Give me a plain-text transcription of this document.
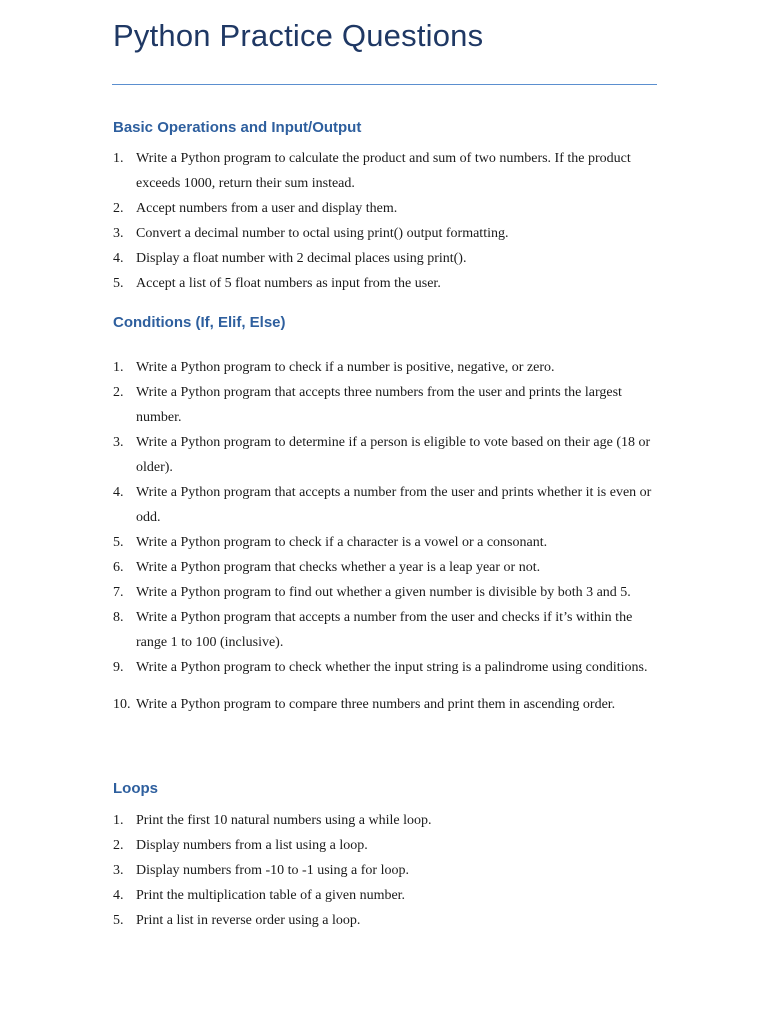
Python Practice Questions
Basic Operations and Input/Output
1. Write a Python program to calculate the product and sum of two numbers. If the product exceeds 1000, return their sum instead.
2. Accept numbers from a user and display them.
3. Convert a decimal number to octal using print() output formatting.
4. Display a float number with 2 decimal places using print().
5. Accept a list of 5 float numbers as input from the user.
Conditions (If, Elif, Else)
1. Write a Python program to check if a number is positive, negative, or zero.
2. Write a Python program that accepts three numbers from the user and prints the largest number.
3. Write a Python program to determine if a person is eligible to vote based on their age (18 or older).
4. Write a Python program that accepts a number from the user and prints whether it is even or odd.
5. Write a Python program to check if a character is a vowel or a consonant.
6. Write a Python program that checks whether a year is a leap year or not.
7. Write a Python program to find out whether a given number is divisible by both 3 and 5.
8. Write a Python program that accepts a number from the user and checks if it’s within the range 1 to 100 (inclusive).
9. Write a Python program to check whether the input string is a palindrome using conditions.
10. Write a Python program to compare three numbers and print them in ascending order.
Loops
1. Print the first 10 natural numbers using a while loop.
2. Display numbers from a list using a loop.
3. Display numbers from -10 to -1 using a for loop.
4. Print the multiplication table of a given number.
5. Print a list in reverse order using a loop.
